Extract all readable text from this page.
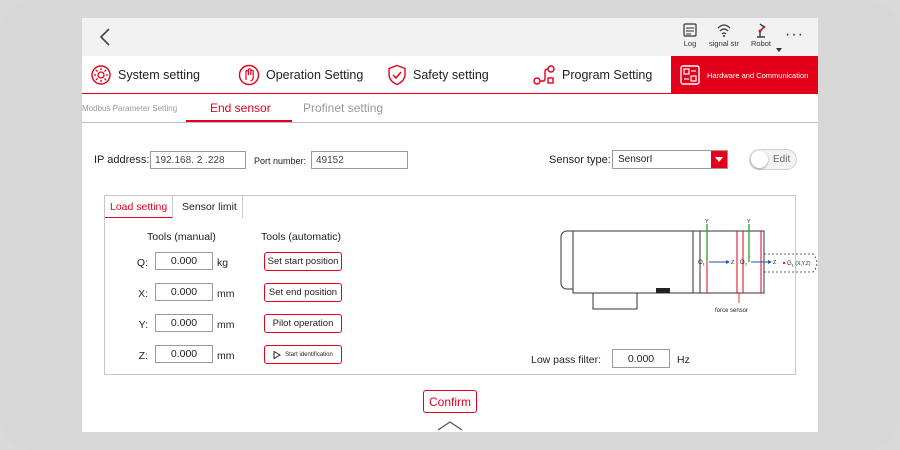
Log	signal str	Robot
···
System setting	Operation Setting	Safety setting	Program Setting	Hardware and Communication
Modbus Parameter Setting	End sensor	Profinet setting
IP address:
192.168. 2 .228	Port number:
49152	Sensor type: SensorI	Edit
Load setting	Sensor limit
Tools (manual)	Tools (automatic)
Q:
0.000	kg	Set start position
X:
0.000	mm	Set end position
Y:
0.000	mm	Pilot operation
Z:
0.000	mm	Start identification
Y	Y
Z	Z
$O_1$	$O_2$	$G_1$ $^{(X,Y,Z)}$
force sensor
Low pass filter:
0.000	Hz
Confirm
